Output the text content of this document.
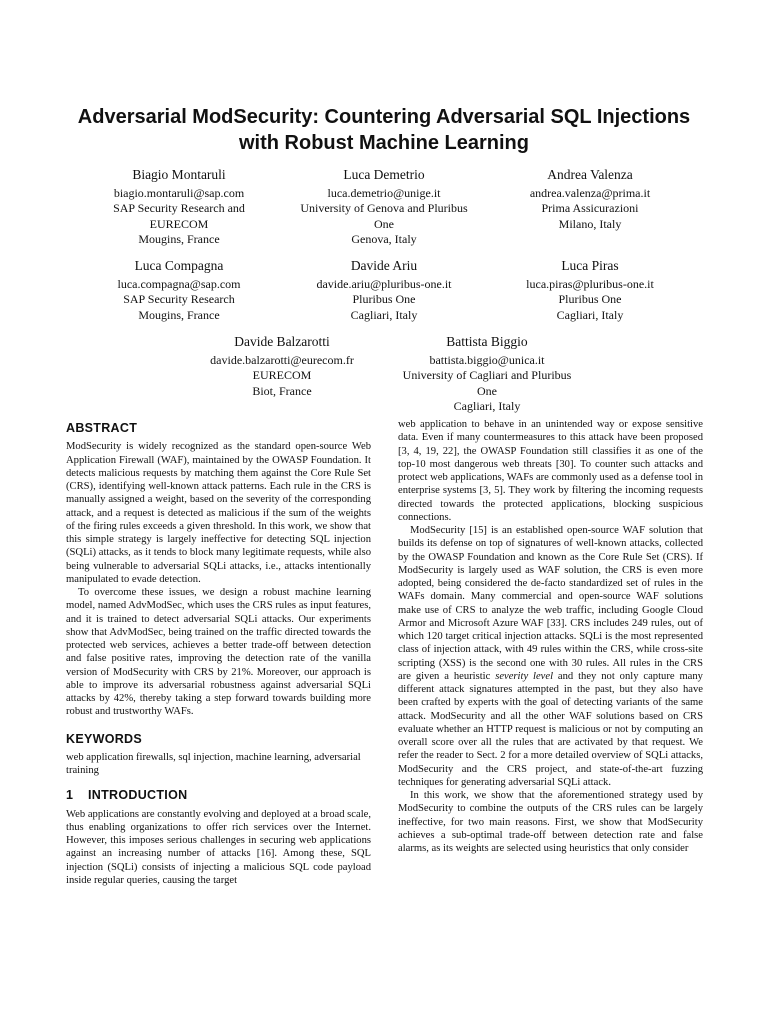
Adversarial ModSecurity: Countering Adversarial SQL Injections
with Robust Machine Learning
Biagio Montaruli
biagio.montaruli@sap.com
SAP Security Research and
EURECOM
Mougins, France
Luca Demetrio
luca.demetrio@unige.it
University of Genova and Pluribus
One
Genova, Italy
Andrea Valenza
andrea.valenza@prima.it
Prima Assicurazioni
Milano, Italy
Luca Compagna
luca.compagna@sap.com
SAP Security Research
Mougins, France
Davide Ariu
davide.ariu@pluribus-one.it
Pluribus One
Cagliari, Italy
Luca Piras
luca.piras@pluribus-one.it
Pluribus One
Cagliari, Italy
Davide Balzarotti
davide.balzarotti@eurecom.fr
EURECOM
Biot, France
Battista Biggio
battista.biggio@unica.it
University of Cagliari and Pluribus
One
Cagliari, Italy
ABSTRACT

ModSecurity is widely recognized as the standard open-source Web Application Firewall (WAF), maintained by the OWASP Foundation. It detects malicious requests by matching them against the Core Rule Set (CRS), identifying well-known attack patterns. Each rule in the CRS is manually assigned a weight, based on the severity of the corresponding attack, and a request is detected as malicious if the sum of the weights of the firing rules exceeds a given threshold. In this work, we show that this simple strategy is largely ineffective for detecting SQL injection (SQLi) attacks, as it tends to block many legitimate requests, while also being vulnerable to adversarial SQLi attacks, i.e., attacks intentionally manipulated to evade detection.

To overcome these issues, we design a robust machine learning model, named AdvModSec, which uses the CRS rules as input features, and it is trained to detect adversarial SQLi attacks. Our experiments show that AdvModSec, being trained on the traffic directed towards the protected web services, achieves a better trade-off between detection and false positive rates, improving the detection rate of the vanilla version of ModSecurity with CRS by 21%. Moreover, our approach is able to improve its adversarial robustness against adversarial SQLi attacks by 42%, thereby taking a step forward towards building more robust and trustworthy WAFs.

KEYWORDS

web application firewalls, sql injection, machine learning, adversarial training

1 INTRODUCTION

Web applications are constantly evolving and deployed at a broad scale, thus enabling organizations to offer rich services over the Internet. However, this imposes serious challenges in securing web applications against an increasing number of attacks [16]. Among these, SQL injection (SQLi) consists of injecting a malicious SQL code payload inside regular queries, causing the target

web application to behave in an unintended way or expose sensitive data. Even if many countermeasures to this attack have been proposed [3, 4, 19, 22], the OWASP Foundation still classifies it as one of the top-10 most dangerous web threats [30]. To counter such attacks and protect web applications, WAFs are commonly used as a defense tool in enterprise systems [3, 5]. They work by filtering the incoming requests directed towards the protected applications, blocking suspicious connections.

ModSecurity [15] is an established open-source WAF solution that builds its defense on top of signatures of well-known attacks, collected by the OWASP Foundation and known as the Core Rule Set (CRS). If ModSecurity is largely used as WAF solution, the CRS is even more adopted, being considered the de-facto standardized set of rules in the WAFs domain. Many commercial and open-source WAF solutions make use of CRS to analyze the web traffic, including Google Cloud Armor and Microsoft Azure WAF [33]. CRS includes 249 rules, out of which 120 target critical injection attacks. SQLi is the most represented class of injection attack, with 49 rules within the CRS, while cross-site scripting (XSS) is the second one with 30 rules. All rules in the CRS are given a heuristic severity level and they not only capture many different attack signatures attempted in the past, but they also have been crafted by experts with the goal of detecting variants of the same attack. ModSecurity and all the other WAF solutions based on CRS evaluate whether an HTTP request is malicious or not by computing an overall score over all the rules that are activated by that request. We refer the reader to Sect. 2 for a more detailed overview of SQLi attacks, ModSecurity and the CRS project, and state-of-the-art fuzzing techniques for generating adversarial SQLi attack.

In this work, we show that the aforementioned strategy used by ModSecurity to combine the outputs of the CRS rules can be largely ineffective, for two main reasons. First, we show that ModSecurity achieves a sub-optimal trade-off between detection rate and false alarms, as its weights are selected using heuristics that only consider
